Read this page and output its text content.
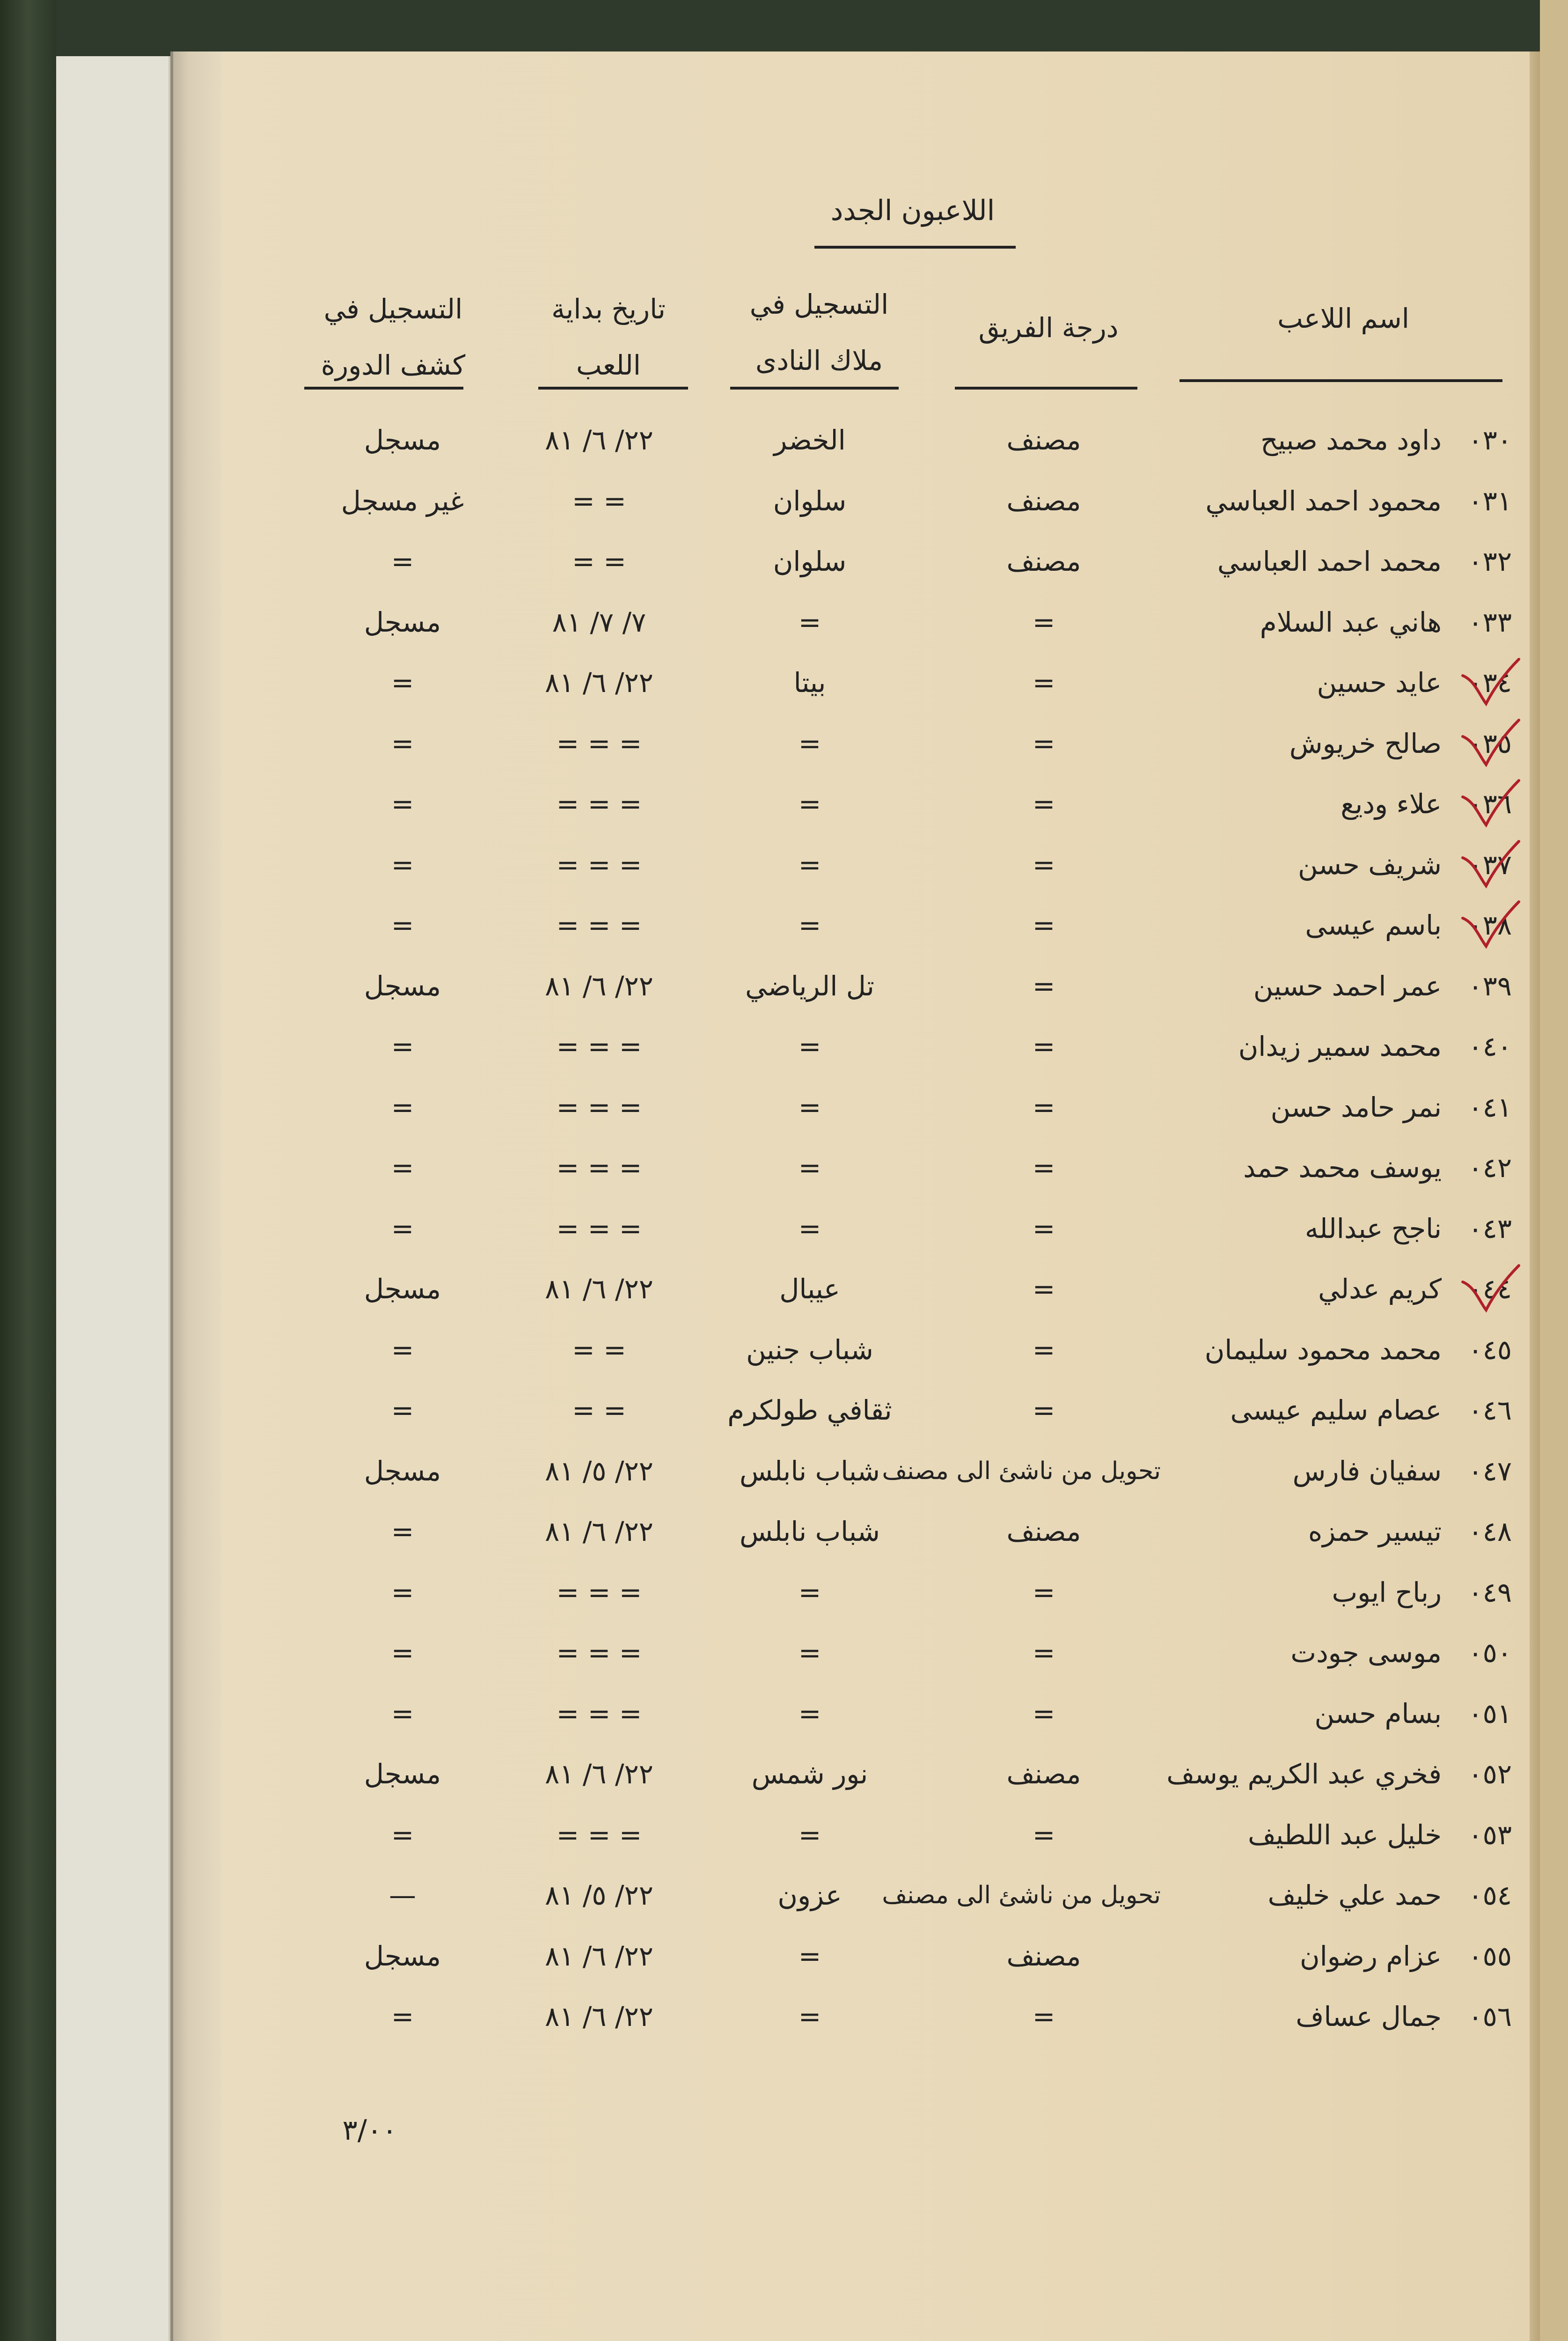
اللاعبون الجدد
اسم اللاعب
درجة الفريق
التسجيل في
ملاك النادى
تاريخ بداية
اللعب
التسجيل في
كشف الدورة
٠٣٠
داود محمد صبيح
مصنف
الخضر
٢٢/ ٦/ ٨١
مسجل
٠٣١
محمود احمد العباسي
مصنف
سلوان
= =
غير مسجل
٠٣٢
محمد احمد العباسي
مصنف
سلوان
= =
=
٠٣٣
هاني عبد السلام
=
=
٧/ ٧/ ٨١
مسجل
٠٣٤
عايد حسين
=
بيتا
٢٢/ ٦/ ٨١
=
٠٣٥
صالح خريوش
=
=
= = =
=
٠٣٦
علاء وديع
=
=
= = =
=
٠٣٧
شريف حسن
=
=
= = =
=
٠٣٨
باسم عيسى
=
=
= = =
=
٠٣٩
عمر احمد حسين
=
تل الرياضي
٢٢/ ٦/ ٨١
مسجل
٠٤٠
محمد سمير زيدان
=
=
= = =
=
٠٤١
نمر حامد حسن
=
=
= = =
=
٠٤٢
يوسف محمد حمد
=
=
= = =
=
٠٤٣
ناجح عبدالله
=
=
= = =
=
٠٤٤
كريم عدلي
=
عيبال
٢٢/ ٦/ ٨١
مسجل
٠٤٥
محمد محمود سليمان
=
شباب جنين
= =
=
٠٤٦
عصام سليم عيسى
=
ثقافي طولكرم
= =
=
٠٤٧
سفيان فارس
تحويل من ناشئ الى مصنف
شباب نابلس
٢٢/ ٥/ ٨١
مسجل
٠٤٨
تيسير حمزه
مصنف
شباب نابلس
٢٢/ ٦/ ٨١
=
٠٤٩
رباح ايوب
=
=
= = =
=
٠٥٠
موسى جودت
=
=
= = =
=
٠٥١
بسام حسن
=
=
= = =
=
٠٥٢
فخري عبد الكريم يوسف
مصنف
نور شمس
٢٢/ ٦/ ٨١
مسجل
٠٥٣
خليل عبد اللطيف
=
=
= = =
=
٠٥٤
حمد علي خليف
تحويل من ناشئ الى مصنف
عزون
٢٢/ ٥/ ٨١
—
٠٥٥
عزام رضوان
مصنف
=
٢٢/ ٦/ ٨١
مسجل
٠٥٦
جمال عساف
=
=
٢٢/ ٦/ ٨١
=
٣/٠٠
